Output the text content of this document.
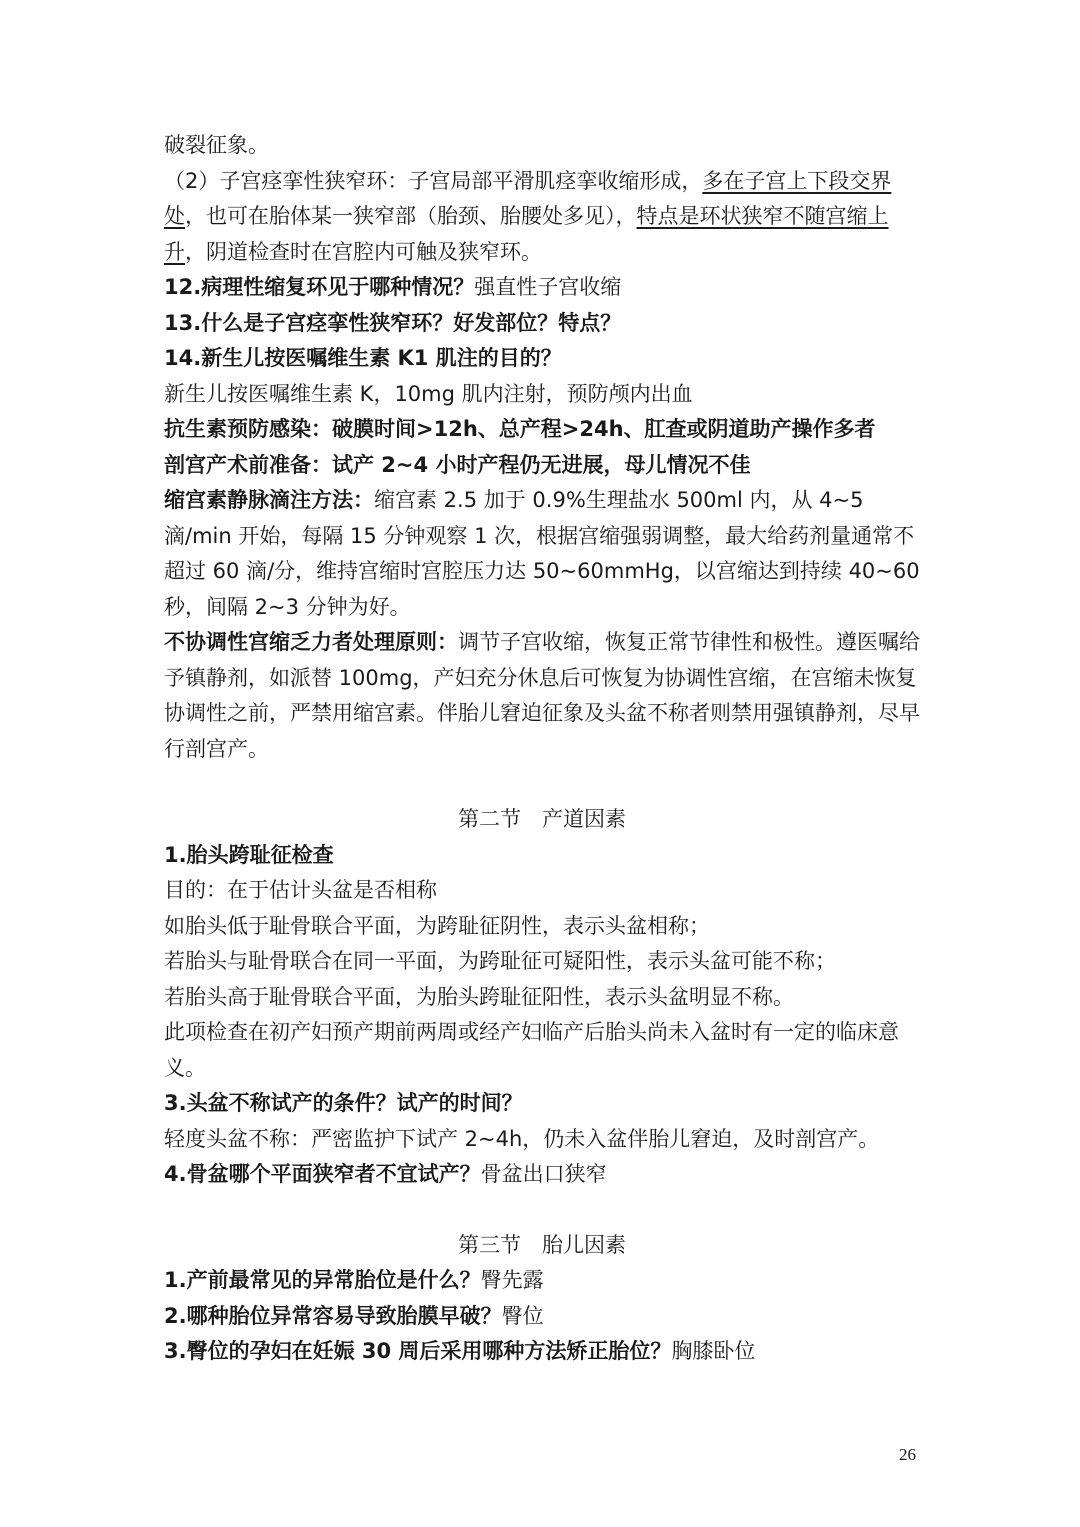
破裂征象。

（2）子宫痉挛性狭窄环：子宫局部平滑肌痉挛收缩形成，多在子宫上下段交界处，也可在胎体某一狭窄部（胎颈、胎腰处多见），特点是环状狭窄不随宫缩上升，阴道检查时在宫腔内可触及狭窄环。

12.病理性缩复环见于哪种情况？强直性子宫收缩

13.什么是子宫痉挛性狭窄环？好发部位？特点？

14.新生儿按医嘱维生素 K1 肌注的目的？

新生儿按医嘱维生素 K，10mg 肌内注射，预防颅内出血

抗生素预防感染：破膜时间>12h、总产程>24h、肛查或阴道助产操作多者

剖宫产术前准备：试产 2~4 小时产程仍无进展，母儿情况不佳

缩宫素静脉滴注方法：缩宫素 2.5 加于 0.9%生理盐水 500ml 内，从 4~5 滴/min 开始，每隔 15 分钟观察 1 次，根据宫缩强弱调整，最大给药剂量通常不超过 60 滴/分，维持宫缩时宫腔压力达 50~60mmHg，以宫缩达到持续 40~60 秒，间隔 2~3 分钟为好。

不协调性宫缩乏力者处理原则：调节子宫收缩，恢复正常节律性和极性。遵医嘱给予镇静剂，如派替 100mg，产妇充分休息后可恢复为协调性宫缩，在宫缩未恢复协调性之前，严禁用缩宫素。伴胎儿窘迫征象及头盆不称者则禁用强镇静剂，尽早行剖宫产。

第二节　产道因素

1.胎头跨耻征检查

目的：在于估计头盆是否相称

如胎头低于耻骨联合平面，为跨耻征阴性，表示头盆相称；

若胎头与耻骨联合在同一平面，为跨耻征可疑阳性，表示头盆可能不称；

若胎头高于耻骨联合平面，为胎头跨耻征阳性，表示头盆明显不称。

此项检查在初产妇预产期前两周或经产妇临产后胎头尚未入盆时有一定的临床意义。

3.头盆不称试产的条件？试产的时间？

轻度头盆不称：严密监护下试产 2~4h，仍未入盆伴胎儿窘迫，及时剖宫产。

4.骨盆哪个平面狭窄者不宜试产？骨盆出口狭窄

第三节　胎儿因素

1.产前最常见的异常胎位是什么？臀先露

2.哪种胎位异常容易导致胎膜早破？臀位

3.臀位的孕妇在妊娠 30 周后采用哪种方法矫正胎位？胸膝卧位

26
